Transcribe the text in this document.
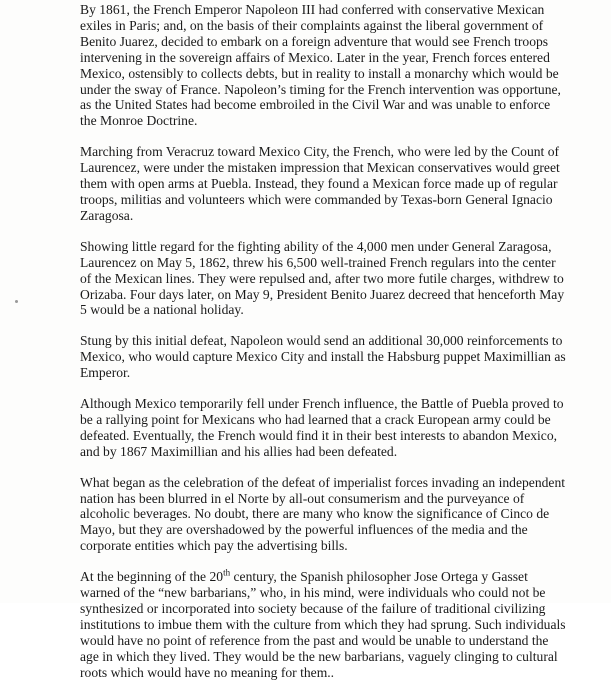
By 1861, the French Emperor Napoleon III had conferred with conservative Mexican
exiles in Paris; and, on the basis of their complaints against the liberal government of
Benito Juarez, decided to embark on a foreign adventure that would see French troops
intervening in the sovereign affairs of Mexico. Later in the year, French forces entered
Mexico, ostensibly to collects debts, but in reality to install a monarchy which would be
under the sway of France. Napoleon’s timing for the French intervention was opportune,
as the United States had become embroiled in the Civil War and was unable to enforce
the Monroe Doctrine.

Marching from Veracruz toward Mexico City, the French, who were led by the Count of
Laurencez, were under the mistaken impression that Mexican conservatives would greet
them with open arms at Puebla. Instead, they found a Mexican force made up of regular
troops, militias and volunteers which were commanded by Texas-born General Ignacio
Zaragosa.

Showing little regard for the fighting ability of the 4,000 men under General Zaragosa,
Laurencez on May 5, 1862, threw his 6,500 well-trained French regulars into the center
of the Mexican lines. They were repulsed and, after two more futile charges, withdrew to
Orizaba. Four days later, on May 9, President Benito Juarez decreed that henceforth May
5 would be a national holiday.

Stung by this initial defeat, Napoleon would send an additional 30,000 reinforcements to
Mexico, who would capture Mexico City and install the Habsburg puppet Maximillian as
Emperor.

Although Mexico temporarily fell under French influence, the Battle of Puebla proved to
be a rallying point for Mexicans who had learned that a crack European army could be
defeated. Eventually, the French would find it in their best interests to abandon Mexico,
and by 1867 Maximillian and his allies had been defeated.

What began as the celebration of the defeat of imperialist forces invading an independent
nation has been blurred in el Norte by all-out consumerism and the purveyance of
alcoholic beverages. No doubt, there are many who know the significance of Cinco de
Mayo, but they are overshadowed by the powerful influences of the media and the
corporate entities which pay the advertising bills.

At the beginning of the 20th century, the Spanish philosopher Jose Ortega y Gasset
warned of the “new barbarians,” who, in his mind, were individuals who could not be
synthesized or incorporated into society because of the failure of traditional civilizing
institutions to imbue them with the culture from which they had sprung. Such individuals
would have no point of reference from the past and would be unable to understand the
age in which they lived. They would be the new barbarians, vaguely clinging to cultural
roots which would have no meaning for them..
